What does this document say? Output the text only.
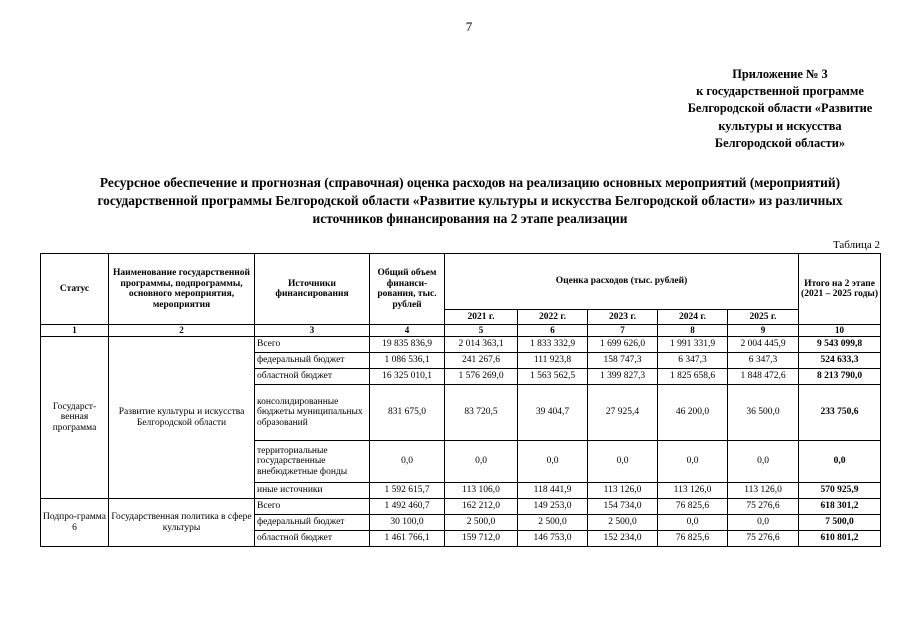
7
Приложение № 3
к государственной программе
Белгородской области «Развитие
культуры и искусства
Белгородской области»
Ресурсное обеспечение и прогнозная (справочная) оценка расходов на реализацию основных мероприятий (мероприятий)
государственной программы Белгородской области «Развитие культуры и искусства Белгородской области» из различных
источников финансирования на 2 этапе реализации
Таблица 2
Статус	Наименование государственной программы, подпрограммы, основного мероприятия, мероприятия	Источники финансирования	Общий объем финанси-рования, тыс. рублей	Оценка расходов (тыс. рублей)					Итого на 2 этапе (2021 – 2025 годы)
				2021 г.	2022 г.	2023 г.	2024 г.	2025 г.	
1	2	3	4	5	6	7	8	9	10
Государст-венная программа	Развитие культуры и искусства Белгородской области	Всего	19 835 836,9	2 014 363,1	1 833 332,9	1 699 626,0	1 991 331,9	2 004 445,9	9 543 099,8
		федеральный бюджет	1 086 536,1	241 267,6	111 923,8	158 747,3	6 347,3	6 347,3	524 633,3
		областной бюджет	16 325 010,1	1 576 269,0	1 563 562,5	1 399 827,3	1 825 658,6	1 848 472,6	8 213 790,0
		консолидированные бюджеты муниципальных образований	831 675,0	83 720,5	39 404,7	27 925,4	46 200,0	36 500,0	233 750,6
		территориальные государственные внебюджетные фонды	0,0	0,0	0,0	0,0	0,0	0,0	0,0
		иные источники	1 592 615,7	113 106,0	118 441,9	113 126,0	113 126,0	113 126,0	570 925,9
Подпро-грамма 6	Государственная политика в сфере культуры	Всего	1 492 460,7	162 212,0	149 253,0	154 734,0	76 825,6	75 276,6	618 301,2
		федеральный бюджет	30 100,0	2 500,0	2 500,0	2 500,0	0,0	0,0	7 500,0
		областной бюджет	1 461 766,1	159 712,0	146 753,0	152 234,0	76 825,6	75 276,6	610 801,2
